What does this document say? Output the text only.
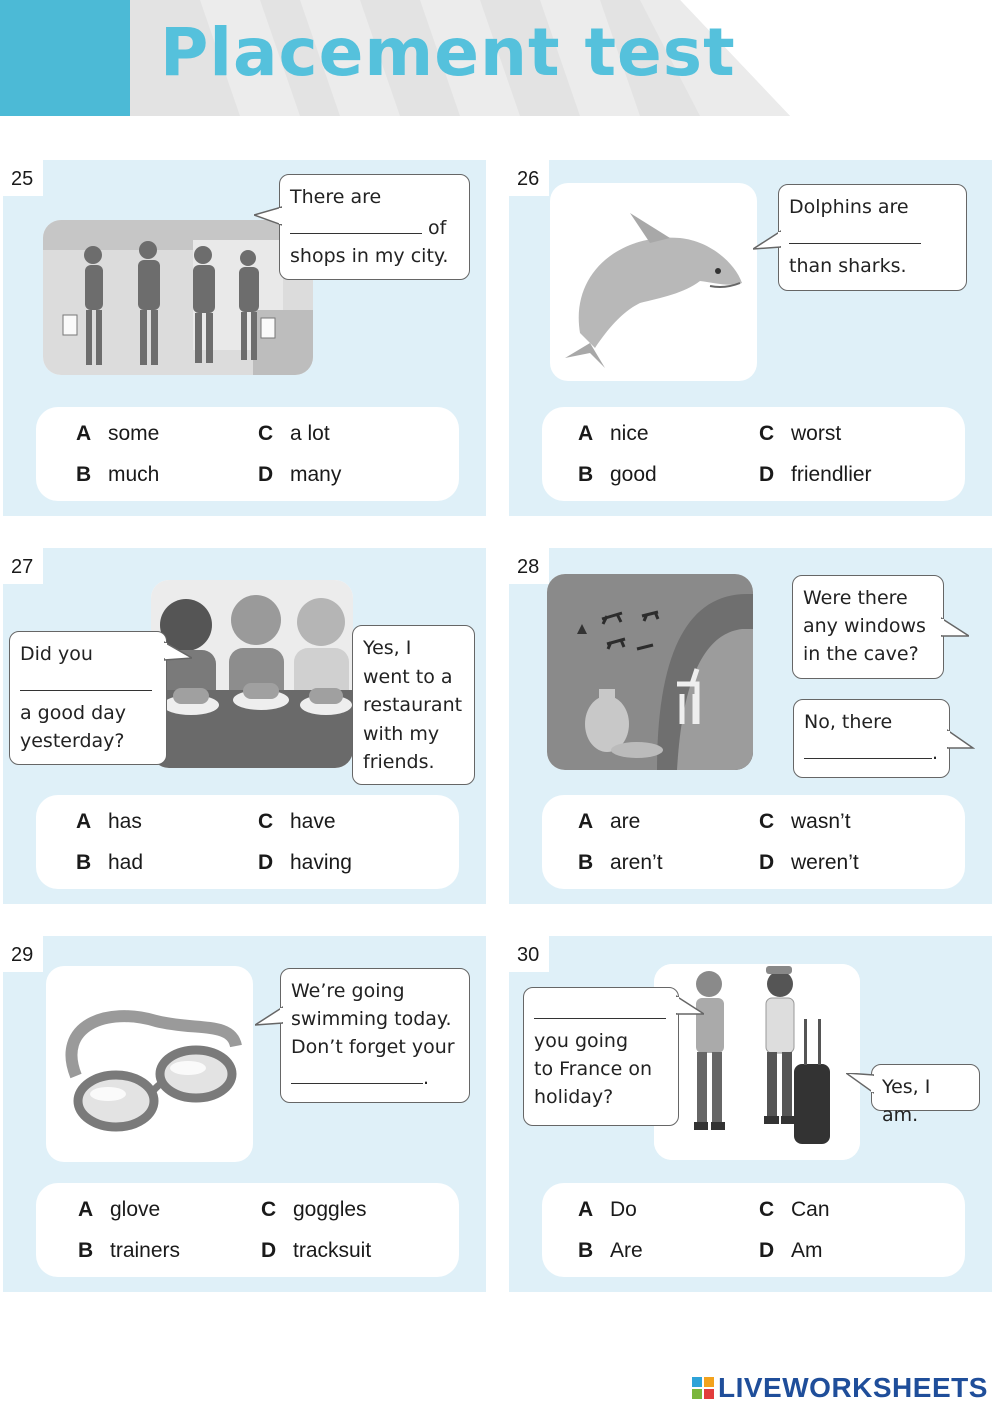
Placement test
25
There are
of
shops in my city.
A some
B much
C a lot
D many
26
Dolphins are
than sharks.
A nice
B good
C worst
D friendlier
27
Did you
a good day
yesterday?
Yes, I
went to a
restaurant
with my
friends.
A has
B had
C have
D having
28
Were there
any windows
in the cave?
No, there
.
A are
B aren’t
C wasn’t
D weren’t
29
We’re going
swimming today.
Don’t forget your
.
A glove
B trainers
C goggles
D tracksuit
30
you going
to France on
holiday?	Yes, I am.
A Do
B Are
C Can
D Am
LIVEWORKSHEETS
